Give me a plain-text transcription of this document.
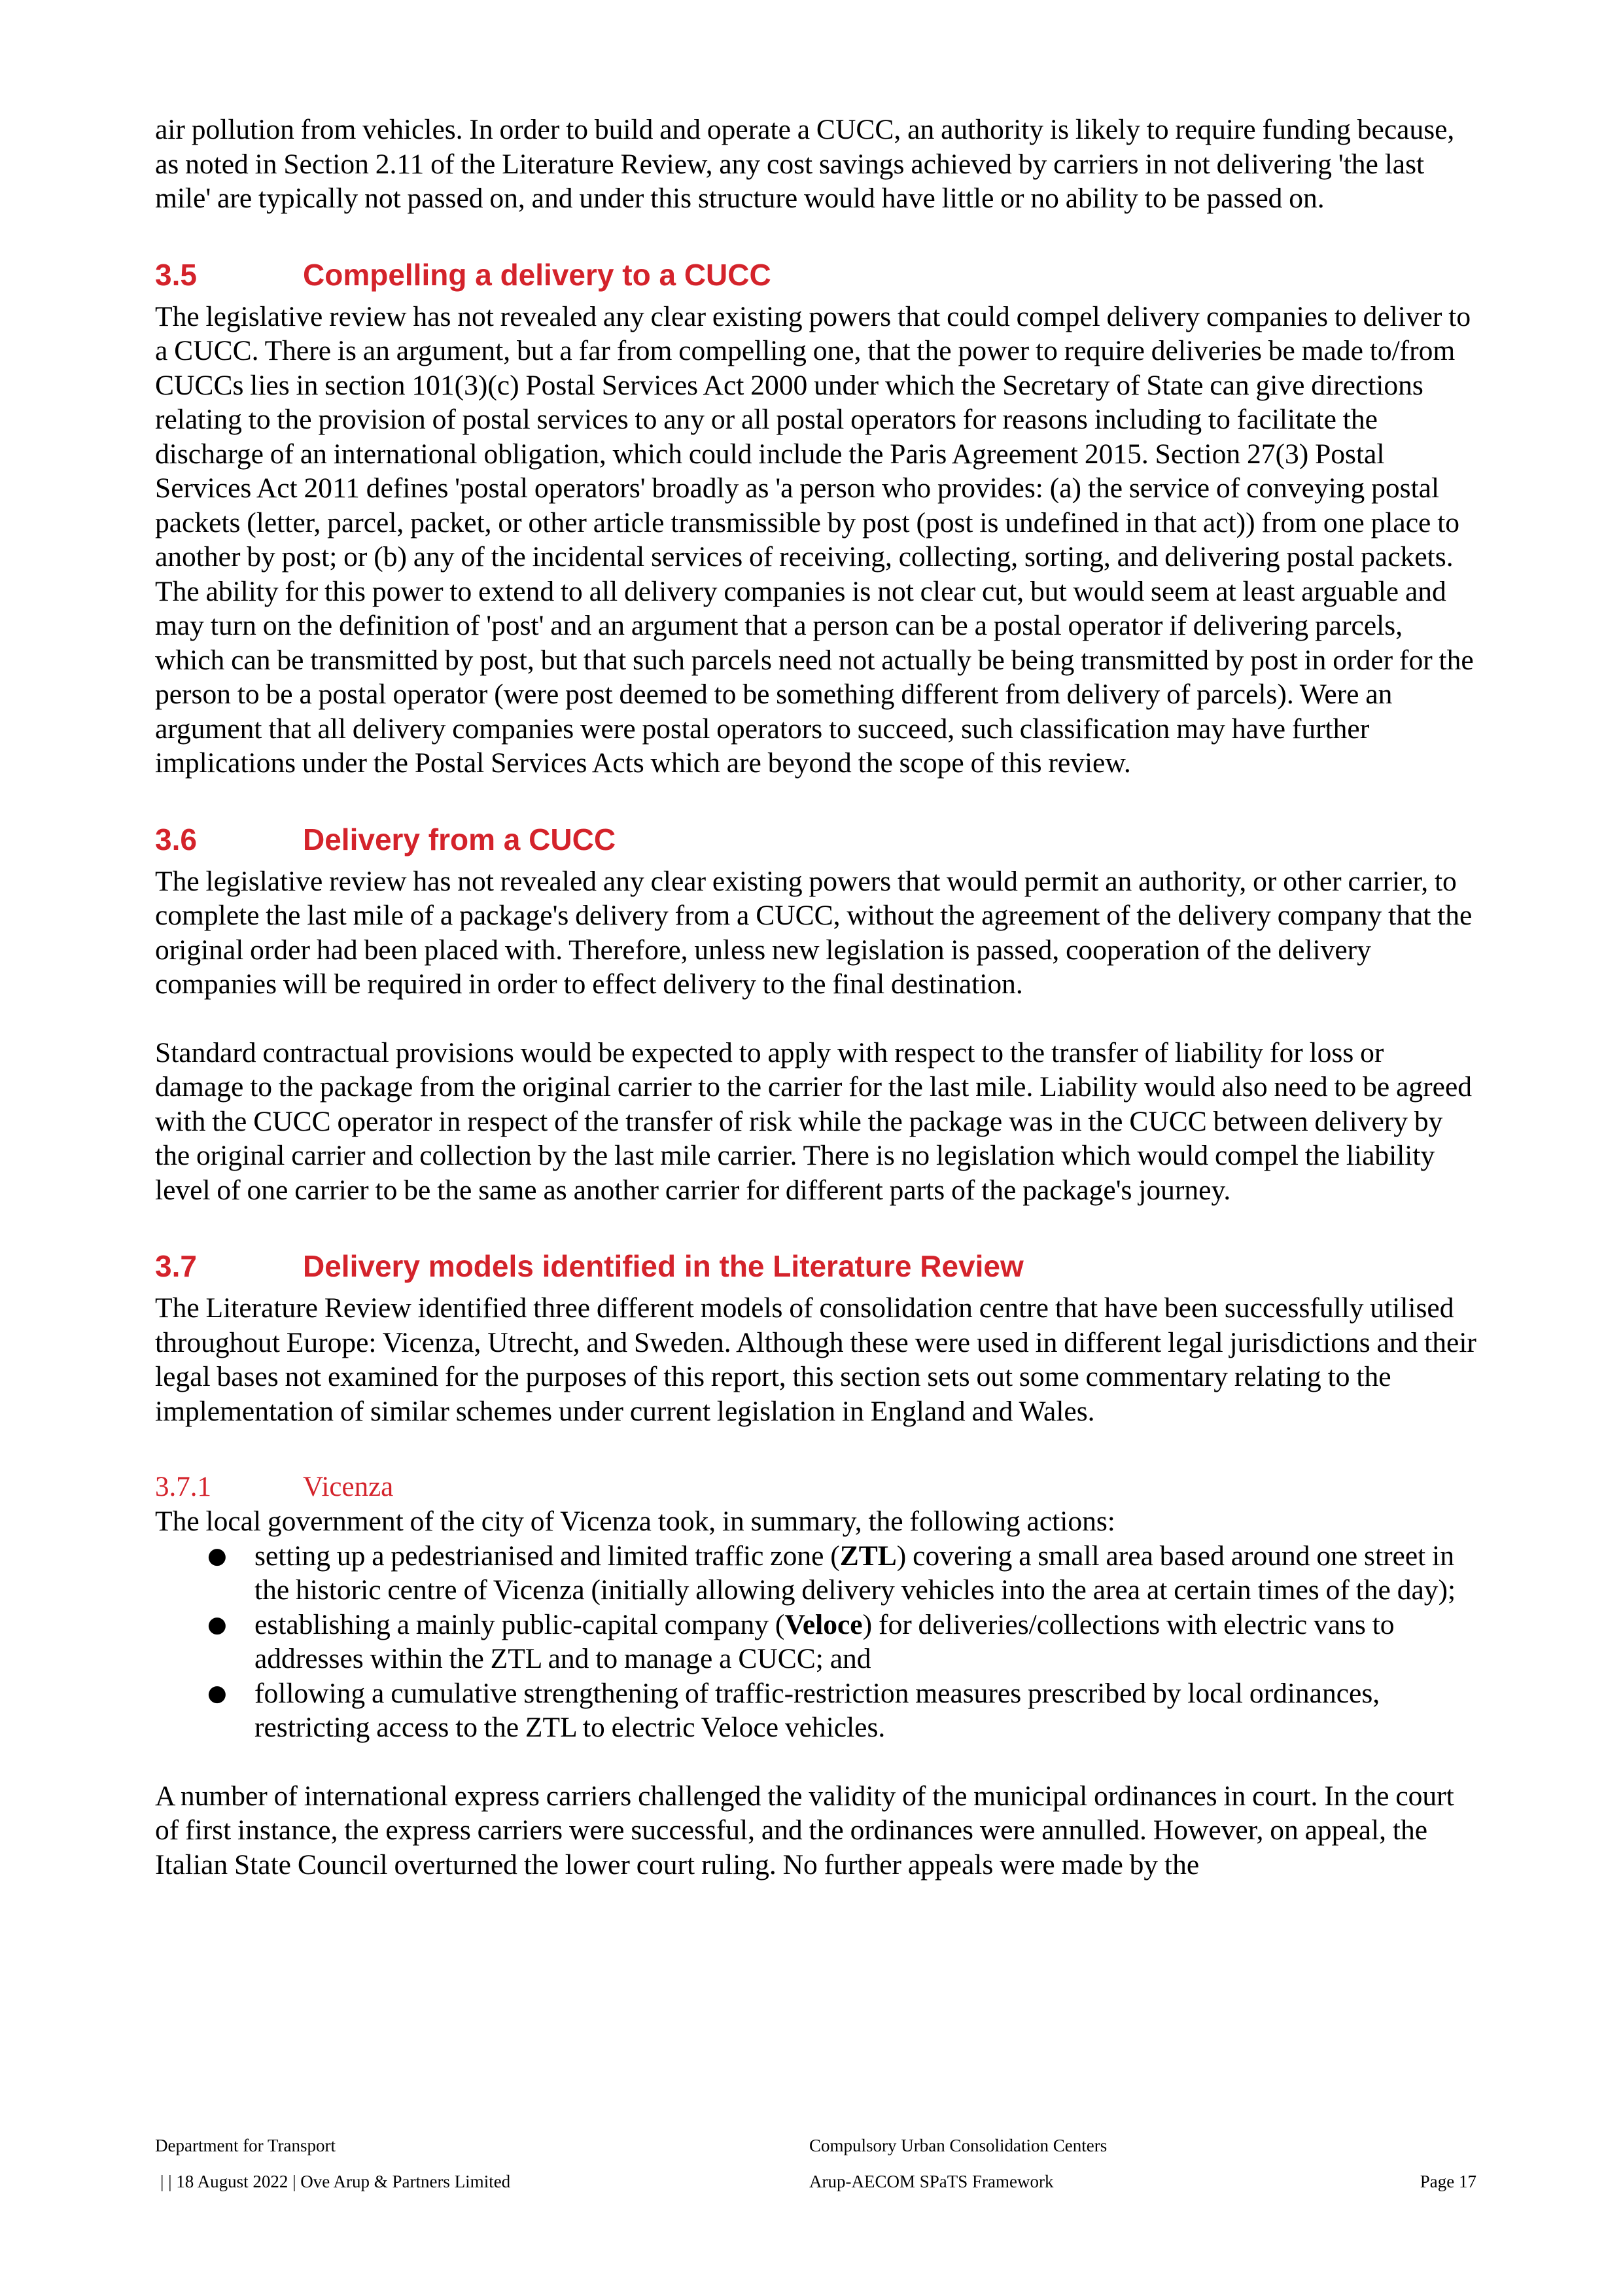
air pollution from vehicles. In order to build and operate a CUCC, an authority is likely to require funding because, as noted in Section 2.11 of the Literature Review, any cost savings achieved by carriers in not delivering 'the last mile' are typically not passed on, and under this structure would have little or no ability to be passed on.

3.5	Compelling a delivery to a CUCC

The legislative review has not revealed any clear existing powers that could compel delivery companies to deliver to a CUCC. There is an argument, but a far from compelling one, that the power to require deliveries be made to/from CUCCs lies in section 101(3)(c) Postal Services Act 2000 under which the Secretary of State can give directions relating to the provision of postal services to any or all postal operators for reasons including to facilitate the discharge of an international obligation, which could include the Paris Agreement 2015. Section 27(3) Postal Services Act 2011 defines 'postal operators' broadly as 'a person who provides: (a) the service of conveying postal packets (letter, parcel, packet, or other article transmissible by post (post is undefined in that act)) from one place to another by post; or (b) any of the incidental services of receiving, collecting, sorting, and delivering postal packets. The ability for this power to extend to all delivery companies is not clear cut, but would seem at least arguable and may turn on the definition of 'post' and an argument that a person can be a postal operator if delivering parcels, which can be transmitted by post, but that such parcels need not actually be being transmitted by post in order for the person to be a postal operator (were post deemed to be something different from delivery of parcels). Were an argument that all delivery companies were postal operators to succeed, such classification may have further implications under the Postal Services Acts which are beyond the scope of this review.

3.6	Delivery from a CUCC

The legislative review has not revealed any clear existing powers that would permit an authority, or other carrier, to complete the last mile of a package's delivery from a CUCC, without the agreement of the delivery company that the original order had been placed with. Therefore, unless new legislation is passed, cooperation of the delivery companies will be required in order to effect delivery to the final destination.

Standard contractual provisions would be expected to apply with respect to the transfer of liability for loss or damage to the package from the original carrier to the carrier for the last mile. Liability would also need to be agreed with the CUCC operator in respect of the transfer of risk while the package was in the CUCC between delivery by the original carrier and collection by the last mile carrier. There is no legislation which would compel the liability level of one carrier to be the same as another carrier for different parts of the package's journey.

3.7	Delivery models identified in the Literature Review

The Literature Review identified three different models of consolidation centre that have been successfully utilised throughout Europe: Vicenza, Utrecht, and Sweden. Although these were used in different legal jurisdictions and their legal bases not examined for the purposes of this report, this section sets out some commentary relating to the implementation of similar schemes under current legislation in England and Wales.

3.7.1	Vicenza

The local government of the city of Vicenza took, in summary, the following actions:

● setting up a pedestrianised and limited traffic zone (ZTL) covering a small area based around one street in the historic centre of Vicenza (initially allowing delivery vehicles into the area at certain times of the day);
● establishing a mainly public-capital company (Veloce) for deliveries/collections with electric vans to addresses within the ZTL and to manage a CUCC; and
● following a cumulative strengthening of traffic-restriction measures prescribed by local ordinances, restricting access to the ZTL to electric Veloce vehicles.

A number of international express carriers challenged the validity of the municipal ordinances in court. In the court of first instance, the express carriers were successful, and the ordinances were annulled. However, on appeal, the Italian State Council overturned the lower court ruling. No further appeals were made by the

Department for Transport	Compulsory Urban Consolidation Centers
| | 18 August 2022 | Ove Arup & Partners Limited	Arup-AECOM SPaTS Framework	Page 17
